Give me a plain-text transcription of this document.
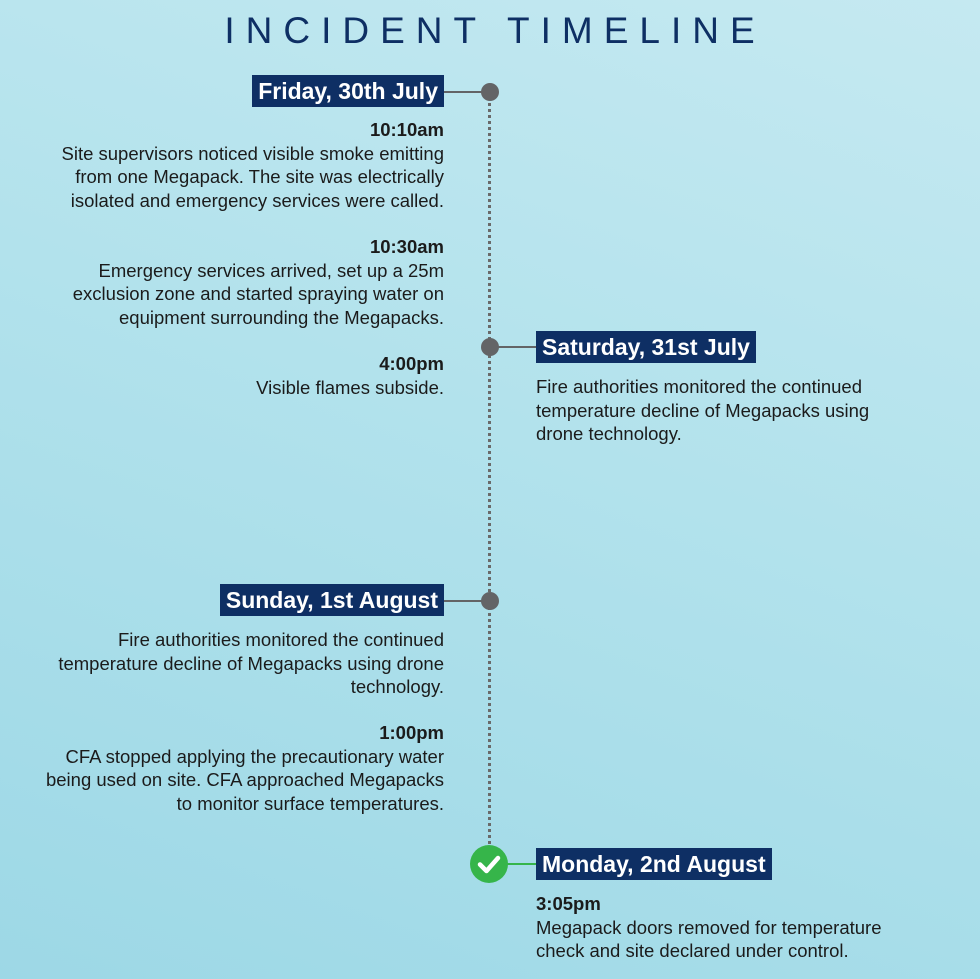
INCIDENT TIMELINE
Friday, 30th July
Saturday, 31st July
Sunday, 1st August
Monday, 2nd August
10:10am
Site supervisors noticed visible smoke emitting from one Megapack. The site was electrically isolated and emergency services were called.
10:30am
Emergency services arrived, set up a 25m exclusion zone and started spraying water on equipment surrounding the Megapacks.
4:00pm
Visible flames subside.
Fire authorities monitored the continued temperature decline of Megapacks using drone technology.
1:00pm
CFA stopped applying the precautionary water being used on site. CFA approached Megapacks to monitor surface temperatures.
Fire authorities monitored the continued temperature decline of Megapacks using drone technology.
3:05pm
Megapack doors removed for temperature check and site declared under control.
